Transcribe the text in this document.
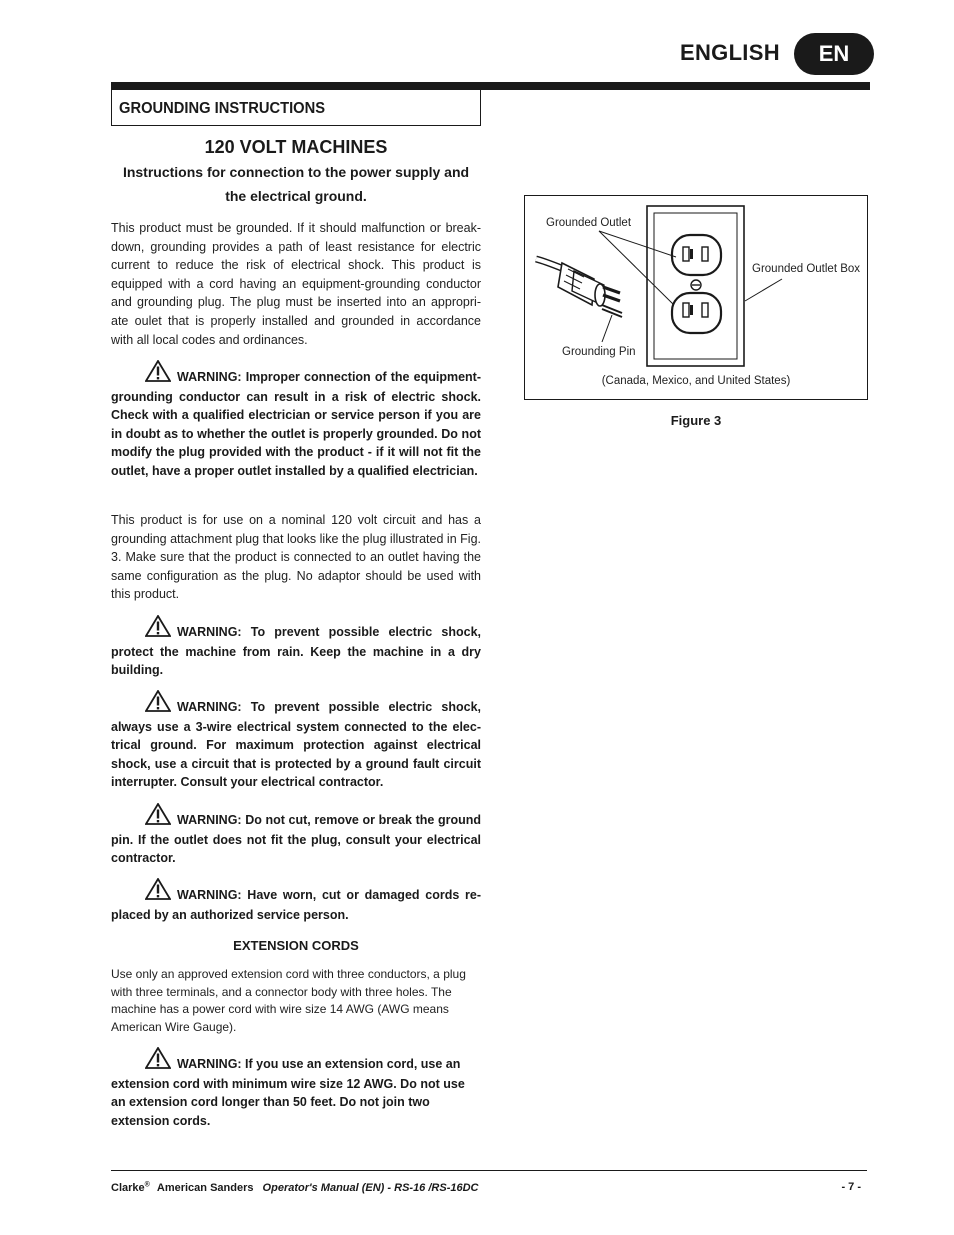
ENGLISH	EN
GROUNDING INSTRUCTIONS
120 VOLT MACHINES
Instructions for connection to the power supply and
the electrical ground.
This product must be grounded. If it should malfunction or break-down, grounding provides a path of least resistance for electric current to reduce the risk of electrical shock. This product is equipped with a cord having an equipment-grounding conductor and grounding plug. The plug must be inserted into an appropri-ate oulet that is properly installed and grounded in accordance with all local codes and ordinances.
WARNING: Improper connection of the equipment-grounding conductor can result in a risk of electric shock. Check with a qualified electrician or service person if you are in doubt as to whether the outlet is properly grounded. Do not modify the plug provided with the product - if it will not fit the outlet, have a proper outlet installed by a qualified electrician.
This product is for use on a nominal 120 volt circuit and has a grounding attachment plug that looks like the plug illustrated in Fig. 3. Make sure that the product is connected to an outlet having the same configuration as the plug. No adaptor should be used with this product.
WARNING: To prevent possible electric shock, protect the machine from rain. Keep the machine in a dry building.
WARNING: To prevent possible electric shock, always use a 3-wire electrical system connected to the elec-trical ground. For maximum protection against electrical shock, use a circuit that is protected by a ground fault circuit interrupter. Consult your electrical contractor.
WARNING: Do not cut, remove or break the ground pin. If the outlet does not fit the plug, consult your electrical contractor.
WARNING: Have worn, cut or damaged cords re-placed by an authorized service person.
EXTENSION CORDS
Use only an approved extension cord with three conductors, a plug with three terminals, and a connector body with three holes. The machine has a power cord with wire size 14 AWG (AWG means American Wire Gauge).
WARNING: If you use an extension cord, use an extension cord with minimum wire size 12 AWG. Do not use an extension cord longer than 50 feet. Do not join two extension cords.
Grounded Outlet
Grounded Outlet Box
Grounding Pin
(Canada, Mexico, and United States)
Figure 3
Clarke® American Sanders Operator's Manual (EN) - RS-16 /RS-16DC	- 7 -
